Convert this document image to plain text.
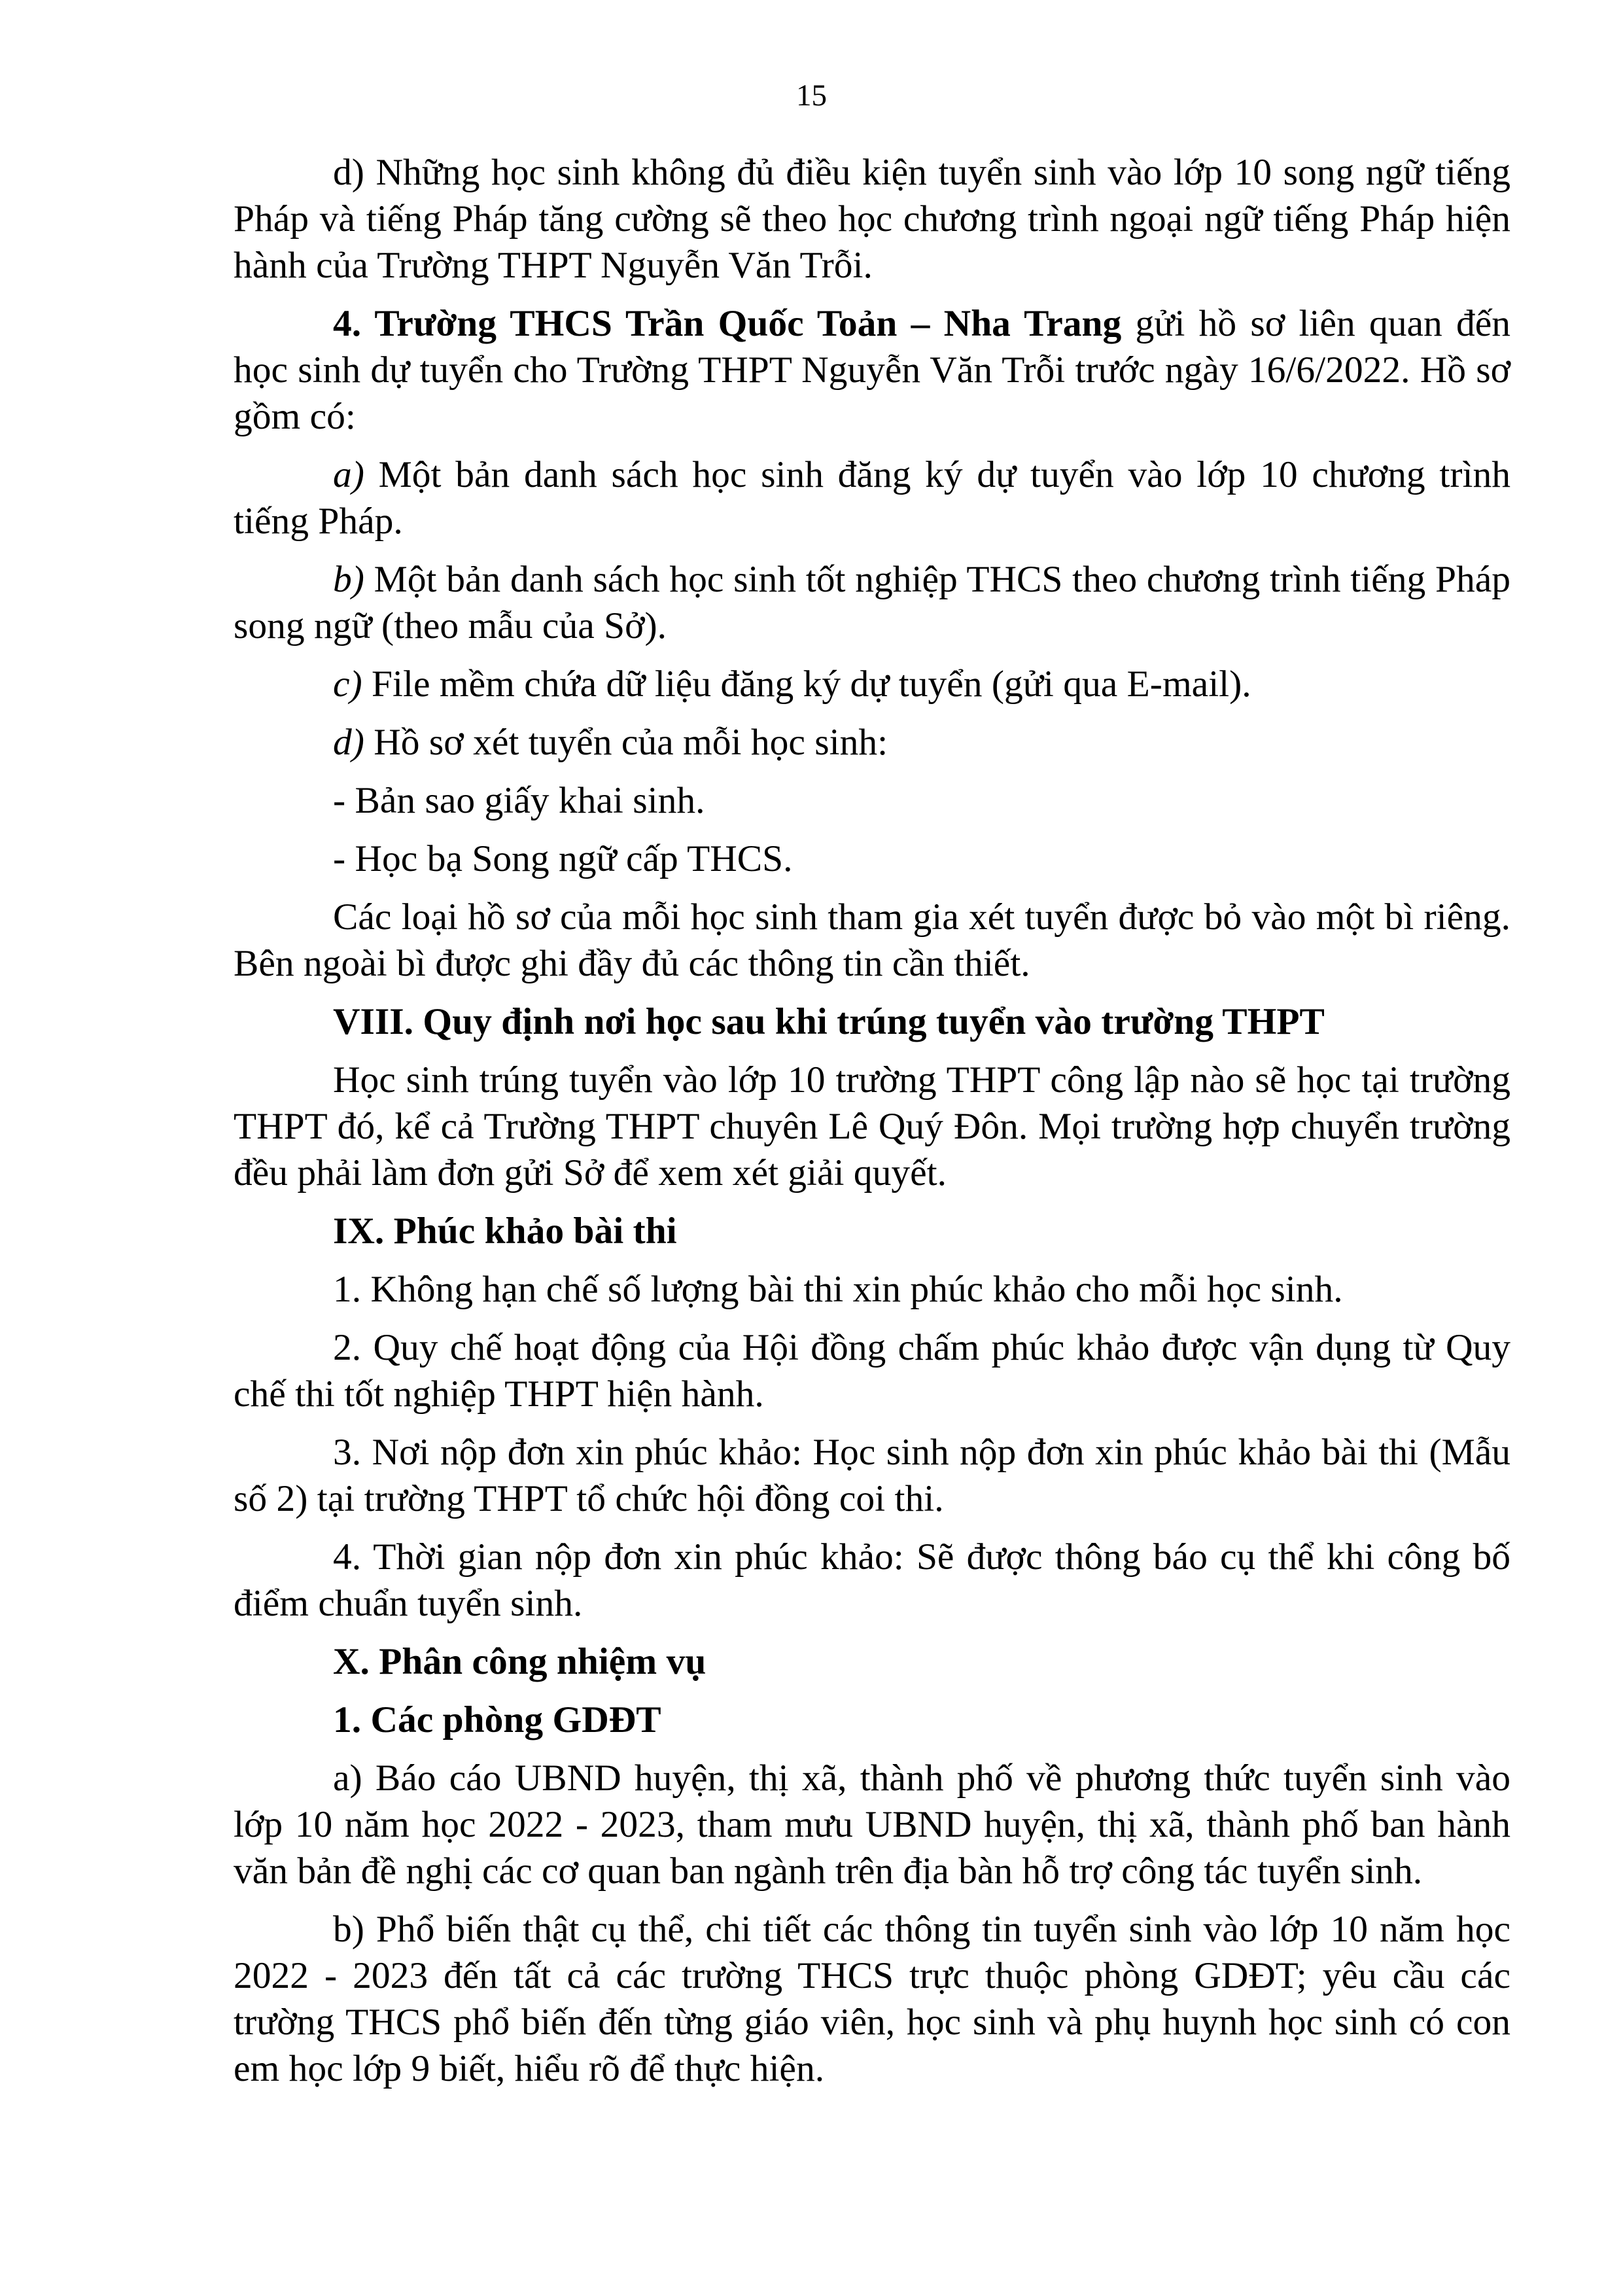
15

d) Những học sinh không đủ điều kiện tuyển sinh vào lớp 10 song ngữ tiếng Pháp và tiếng Pháp tăng cường sẽ theo học chương trình ngoại ngữ tiếng Pháp hiện hành của Trường THPT Nguyễn Văn Trỗi.

4. Trường THCS Trần Quốc Toản – Nha Trang gửi hồ sơ liên quan đến học sinh dự tuyển cho Trường THPT Nguyễn Văn Trỗi trước ngày 16/6/2022. Hồ sơ gồm có:

a) Một bản danh sách học sinh đăng ký dự tuyển vào lớp 10 chương trình tiếng Pháp.

b) Một bản danh sách học sinh tốt nghiệp THCS theo chương trình tiếng Pháp song ngữ (theo mẫu của Sở).

c) File mềm chứa dữ liệu đăng ký dự tuyển (gửi qua E-mail).

d) Hồ sơ xét tuyển của mỗi học sinh:

- Bản sao giấy khai sinh.

- Học bạ Song ngữ cấp THCS.

Các loại hồ sơ của mỗi học sinh tham gia xét tuyển được bỏ vào một bì riêng. Bên ngoài bì được ghi đầy đủ các thông tin cần thiết.

VIII. Quy định nơi học sau khi trúng tuyển vào trường THPT

Học sinh trúng tuyển vào lớp 10 trường THPT công lập nào sẽ học tại trường THPT đó, kể cả Trường THPT chuyên Lê Quý Đôn. Mọi trường hợp chuyển trường đều phải làm đơn gửi Sở để xem xét giải quyết.

IX. Phúc khảo bài thi

1. Không hạn chế số lượng bài thi xin phúc khảo cho mỗi học sinh.

2. Quy chế hoạt động của Hội đồng chấm phúc khảo được vận dụng từ Quy chế thi tốt nghiệp THPT hiện hành.

3. Nơi nộp đơn xin phúc khảo: Học sinh nộp đơn xin phúc khảo bài thi (Mẫu số 2) tại trường THPT tổ chức hội đồng coi thi.

4. Thời gian nộp đơn xin phúc khảo: Sẽ được thông báo cụ thể khi công bố điểm chuẩn tuyển sinh.

X. Phân công nhiệm vụ

1. Các phòng GDĐT

a) Báo cáo UBND huyện, thị xã, thành phố về phương thức tuyển sinh vào lớp 10 năm học 2022 - 2023, tham mưu UBND huyện, thị xã, thành phố ban hành văn bản đề nghị các cơ quan ban ngành trên địa bàn hỗ trợ công tác tuyển sinh.

b) Phổ biến thật cụ thể, chi tiết các thông tin tuyển sinh vào lớp 10 năm học 2022 - 2023 đến tất cả các trường THCS trực thuộc phòng GDĐT; yêu cầu các trường THCS phổ biến đến từng giáo viên, học sinh và phụ huynh học sinh có con em học lớp 9 biết, hiểu rõ để thực hiện.
